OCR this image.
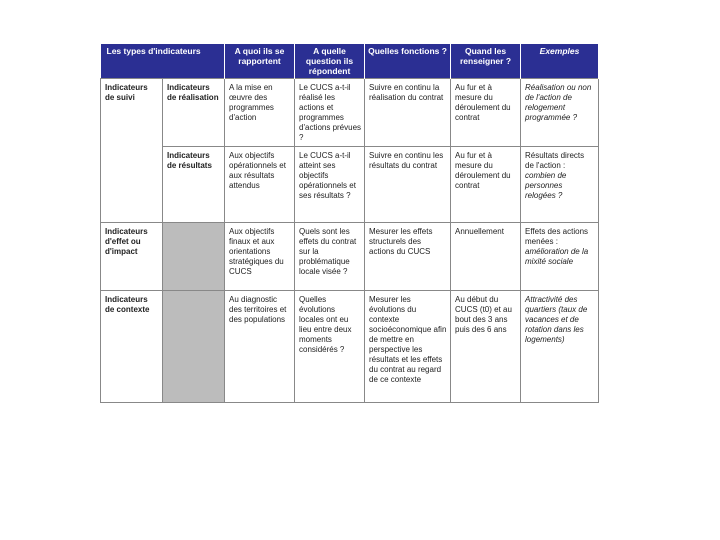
Les types d'indicateurs		A quoi ils se rapportent	A quelle question ils répondent	Quelles fonctions ?	Quand les renseigner ?	Exemples
Indicateurs de suivi	Indicateurs de réalisation	A la mise en œuvre des programmes d'action	Le CUCS a-t-il réalisé les actions et programmes d'actions prévues ?	Suivre en continu la réalisation du contrat	Au fur et à mesure du déroulement du contrat	Réalisation ou non de l'action de relogement programmée ?
	Indicateurs de résultats	Aux objectifs opérationnels et aux résultats attendus	Le CUCS a-t-il atteint ses objectifs opérationnels et ses résultats ?	Suivre en continu les résultats du contrat	Au fur et à mesure du déroulement du contrat	Résultats directs de l'action : combien de personnes relogées ?
Indicateurs d'effet ou d'impact		Aux objectifs finaux et aux orientations stratégiques du CUCS	Quels sont les effets du contrat sur la problématique locale visée ?	Mesurer les effets structurels des actions du CUCS	Annuellement	Effets des actions menées : amélioration de la mixité sociale
Indicateurs de contexte		Au diagnostic des territoires et des populations	Quelles évolutions locales ont eu lieu entre deux moments considérés ?	Mesurer les évolutions du contexte socioéconomique afin de mettre en perspective les résultats et les effets du contrat au regard de ce contexte	Au début du CUCS (t0) et au bout des 3 ans puis des 6 ans	Attractivité des quartiers (taux de vacances et de rotation dans les logements)
